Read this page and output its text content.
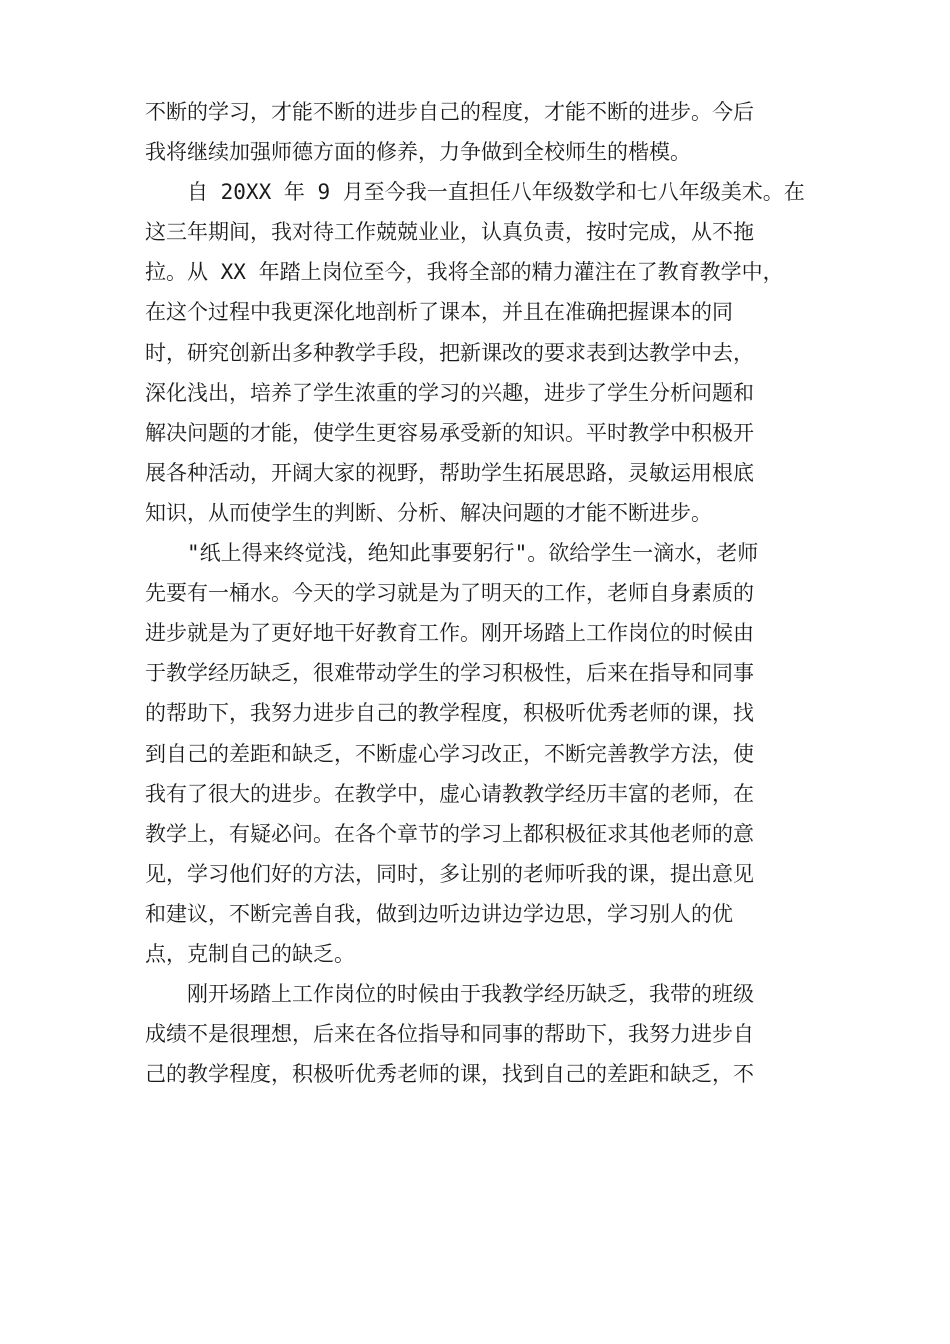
不断的学习，才能不断的进步自己的程度，才能不断的进步。今后
我将继续加强师德方面的修养，力争做到全校师生的楷模。
自 20XX 年 9 月至今我一直担任八年级数学和七八年级美术。在
这三年期间，我对待工作兢兢业业，认真负责，按时完成，从不拖
拉。从 XX 年踏上岗位至今，我将全部的精力灌注在了教育教学中，
在这个过程中我更深化地剖析了课本，并且在准确把握课本的同
时，研究创新出多种教学手段，把新课改的要求表到达教学中去，
深化浅出，培养了学生浓重的学习的兴趣，进步了学生分析问题和
解决问题的才能，使学生更容易承受新的知识。平时教学中积极开
展各种活动，开阔大家的视野，帮助学生拓展思路，灵敏运用根底
知识，从而使学生的判断、分析、解决问题的才能不断进步。
"纸上得来终觉浅，绝知此事要躬行"。欲给学生一滴水，老师
先要有一桶水。今天的学习就是为了明天的工作，老师自身素质的
进步就是为了更好地干好教育工作。刚开场踏上工作岗位的时候由
于教学经历缺乏，很难带动学生的学习积极性，后来在指导和同事
的帮助下，我努力进步自己的教学程度，积极听优秀老师的课，找
到自己的差距和缺乏，不断虚心学习改正，不断完善教学方法，使
我有了很大的进步。在教学中，虚心请教教学经历丰富的老师，在
教学上，有疑必问。在各个章节的学习上都积极征求其他老师的意
见，学习他们好的方法，同时，多让别的老师听我的课，提出意见
和建议，不断完善自我，做到边听边讲边学边思，学习别人的优
点，克制自己的缺乏。
刚开场踏上工作岗位的时候由于我教学经历缺乏，我带的班级
成绩不是很理想，后来在各位指导和同事的帮助下，我努力进步自
己的教学程度，积极听优秀老师的课，找到自己的差距和缺乏，不
